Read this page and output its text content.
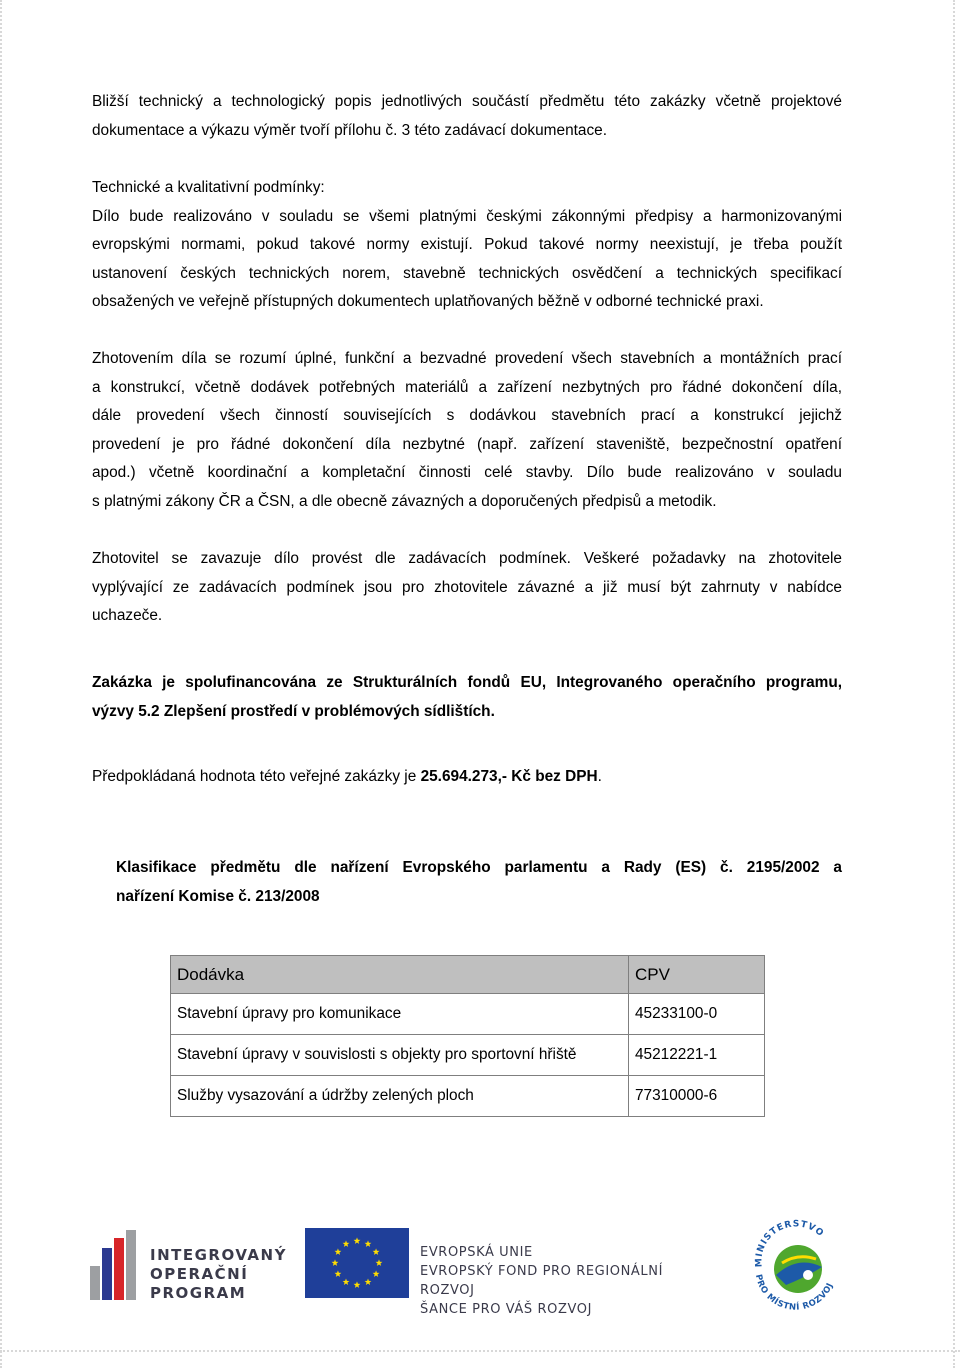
Bližší technický a technologický popis jednotlivých součástí předmětu této zakázky včetně projektové
dokumentace a výkazu výměr tvoří přílohu č. 3 této zadávací dokumentace.
Technické a kvalitativní podmínky:
Dílo bude realizováno v souladu se všemi platnými českými zákonnými předpisy a harmonizovanými
evropskými normami, pokud takové normy existují. Pokud takové normy neexistují, je třeba použít
ustanovení českých technických norem, stavebně technických osvědčení a technických specifikací
obsažených ve veřejně přístupných dokumentech uplatňovaných běžně v odborné technické praxi.
Zhotovením díla se rozumí úplné, funkční a bezvadné provedení všech stavebních a montážních prací
a konstrukcí, včetně dodávek potřebných materiálů a zařízení nezbytných pro řádné dokončení díla,
dále provedení všech činností souvisejících s dodávkou stavebních prací a konstrukcí jejichž
provedení je pro řádné dokončení díla nezbytné (např. zařízení staveniště, bezpečnostní opatření
apod.) včetně koordinační a kompletační činnosti celé stavby. Dílo bude realizováno v souladu
s platnými zákony ČR a ČSN, a dle obecně závazných a doporučených předpisů a metodik.
Zhotovitel se zavazuje dílo provést dle zadávacích podmínek. Veškeré požadavky na zhotovitele
vyplývající ze zadávacích podmínek jsou pro zhotovitele závazné a již musí být zahrnuty v nabídce
uchazeče.
Zakázka je spolufinancována ze Strukturálních fondů EU, Integrovaného operačního programu,
výzvy 5.2 Zlepšení prostředí v problémových sídlištích.
Předpokládaná hodnota této veřejné zakázky je 25.694.273,- Kč bez DPH.
Klasifikace předmětu dle nařízení Evropského parlamentu a Rady (ES) č. 2195/2002 a
nařízení Komise č. 213/2008
Dodávka	CPV
Stavební úpravy pro komunikace	45233100-0
Stavební úpravy v souvislosti s objekty pro sportovní hřiště	45212221-1
Služby vysazování a údržby zelených ploch	77310000-6
INTEGROVANÝ
OPERAČNÍ
PROGRAM
EVROPSKÁ UNIE
EVROPSKÝ FOND PRO REGIONÁLNÍ ROZVOJ
ŠANCE PRO VÁŠ ROZVOJ
MINISTERSTVO
PRO MÍSTNÍ ROZVOJ
